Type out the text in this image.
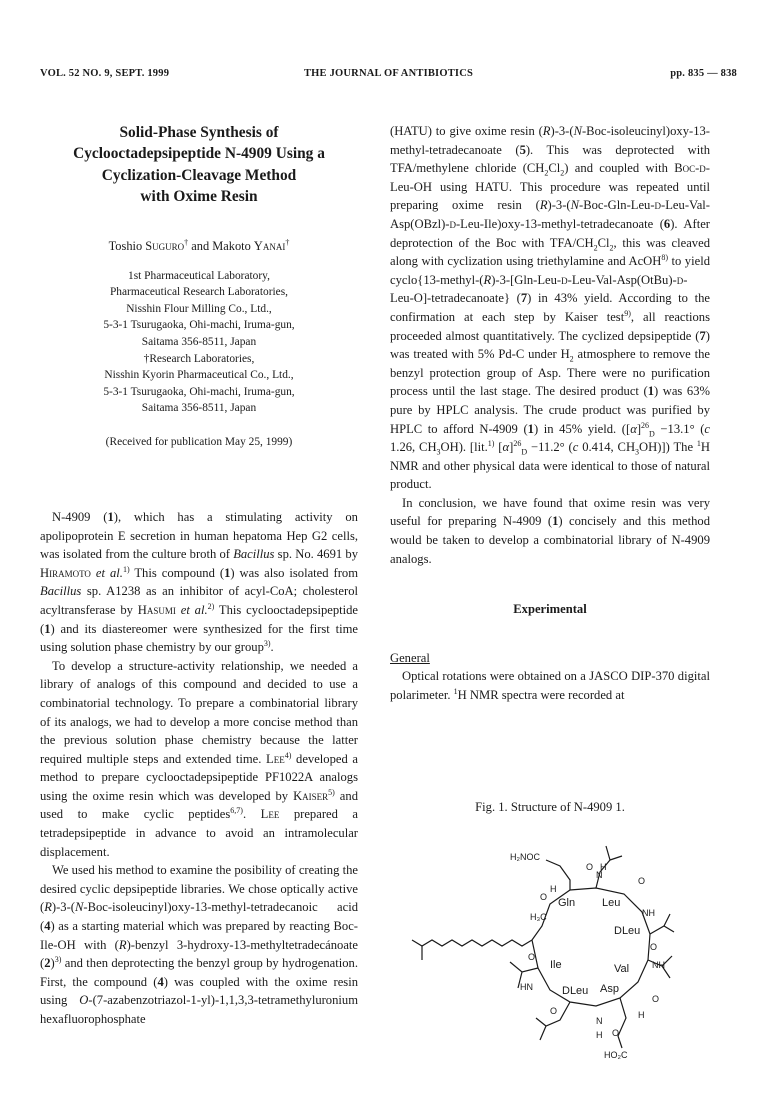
VOL. 52 NO. 9, SEPT. 1999	THE JOURNAL OF ANTIBIOTICS	pp. 835 — 838
Solid-Phase Synthesis of
Cyclooctadepsipeptide N-4909 Using a
Cyclization-Cleavage Method
with Oxime Resin
Toshio Suguro† and Makoto Yanai†
1st Pharmaceutical Laboratory,
Pharmaceutical Research Laboratories,
Nisshin Flour Milling Co., Ltd.,
5-3-1 Tsurugaoka, Ohi-machi, Iruma-gun,
Saitama 356-8511, Japan
†Research Laboratories,
Nisshin Kyorin Pharmaceutical Co., Ltd.,
5-3-1 Tsurugaoka, Ohi-machi, Iruma-gun,
Saitama 356-8511, Japan
(Received for publication May 25, 1999)

N-4909 (1), which has a stimulating activity on apolipoprotein E secretion in human hepatoma Hep G2 cells, was isolated from the culture broth of Bacillus sp. No. 4691 by Hiramoto et al.$^{1)}$ This compound (1) was also isolated from Bacillus sp. A1238 as an inhibitor of acyl-CoA; cholesterol acyltransferase by Hasumi et al.$^{2)}$ This cyclooctadepsipeptide (1) and its diastereomer were synthesized for the first time using solution phase chemistry by our group$^{3)}$.

To develop a structure-activity relationship, we needed a library of analogs of this compound and decided to use a combinatorial technology. To prepare a combinatorial library of its analogs, we had to develop a more concise method than the previous solution phase chemistry because the latter required multiple steps and extended time. Lee$^{4)}$ developed a method to prepare cyclooctadepsipeptide PF1022A analogs using the oxime resin which was developed by Kaiser$^{5)}$ and used to make cyclic peptides$^{6,7)}$. Lee prepared a tetradepsipeptide in advance to avoid an intramolecular displacement.

We used his method to examine the posibility of creating the desired cyclic depsipeptide libraries. We chose optically active (R)-3-(N-Boc-isoleucinyl)oxy-13-methyl-tetradecanoic acid (4) as a starting material which was prepared by reacting Boc-Ile-OH with (R)-benzyl 3-hydroxy-13-methyltetradecánoate $(2)^{3)}$ and then deprotecting the benzyl group by hydrogenation. First, the compound (4) was coupled with the oxime resin using O-(7-azabenzotriazol-1-yl)-1,1,3,3-tetramethyluronium hexafluorophosphate

(HATU) to give oxime resin (R)-3-(N-Boc-isoleucinyl)oxy-13-methyl-tetradecanoate (5). This was deprotected with TFA/methylene chloride $(CH_2Cl_2)$ and coupled with Boc-d-Leu-OH using HATU. This procedure was repeated until preparing oxime resin (R)-3-(N-Boc-Gln-Leu-d-Leu-Val-Asp(OBzl)-d-Leu-Ile)oxy-13-methyl-tetradecanoate (6). After deprotection of the Boc with TFA/$CH_2Cl_2$, this was cleaved along with cyclization using triethylamine and AcOH$^{8)}$ to yield cyclo{13-methyl-(R)-3-[Gln-Leu-d-Leu-Val-Asp(OtBu)-d-Leu-O]-tetradecanoate} (7) in 43% yield. According to the confirmation at each step by Kaiser test$^{9)}$, all reactions proceeded almost quantitatively. The cyclized depsipeptide (7) was treated with 5% Pd-C under $H_2$ atmosphere to remove the benzyl protection group of Asp. There were no purification process until the last stage. The desired product (1) was 63% pure by HPLC analysis. The crude product was purified by HPLC to afford N-4909 (1) in 45% yield. ($[\alpha]^{26}_D -13.1^\circ$ (c 1.26, $CH_3OH$). [lit.$^{1)}$ $[\alpha]^{26}_D -11.2^\circ$ (c 0.414, $CH_3OH$)]) The $^1$H NMR and other physical data were identical to those of natural product.

In conclusion, we have found that oxime resin was very useful for preparing N-4909 (1) concisely and this method would be taken to develop a combinatorial library of N-4909 analogs.

Experimental

General

Optical rotations were obtained on a JASCO DIP-370 digital polarimeter. $^1$H NMR spectra were recorded at

Fig. 1. Structure of N-4909 1.
H₂NOC
Gln Leu
DLeu
Val
Asp
DLeu
Ile
H₃C
HN
HO₂C
O
O
O
O
O
O
O
O
N
N
H
H
H
H
NH
NH
